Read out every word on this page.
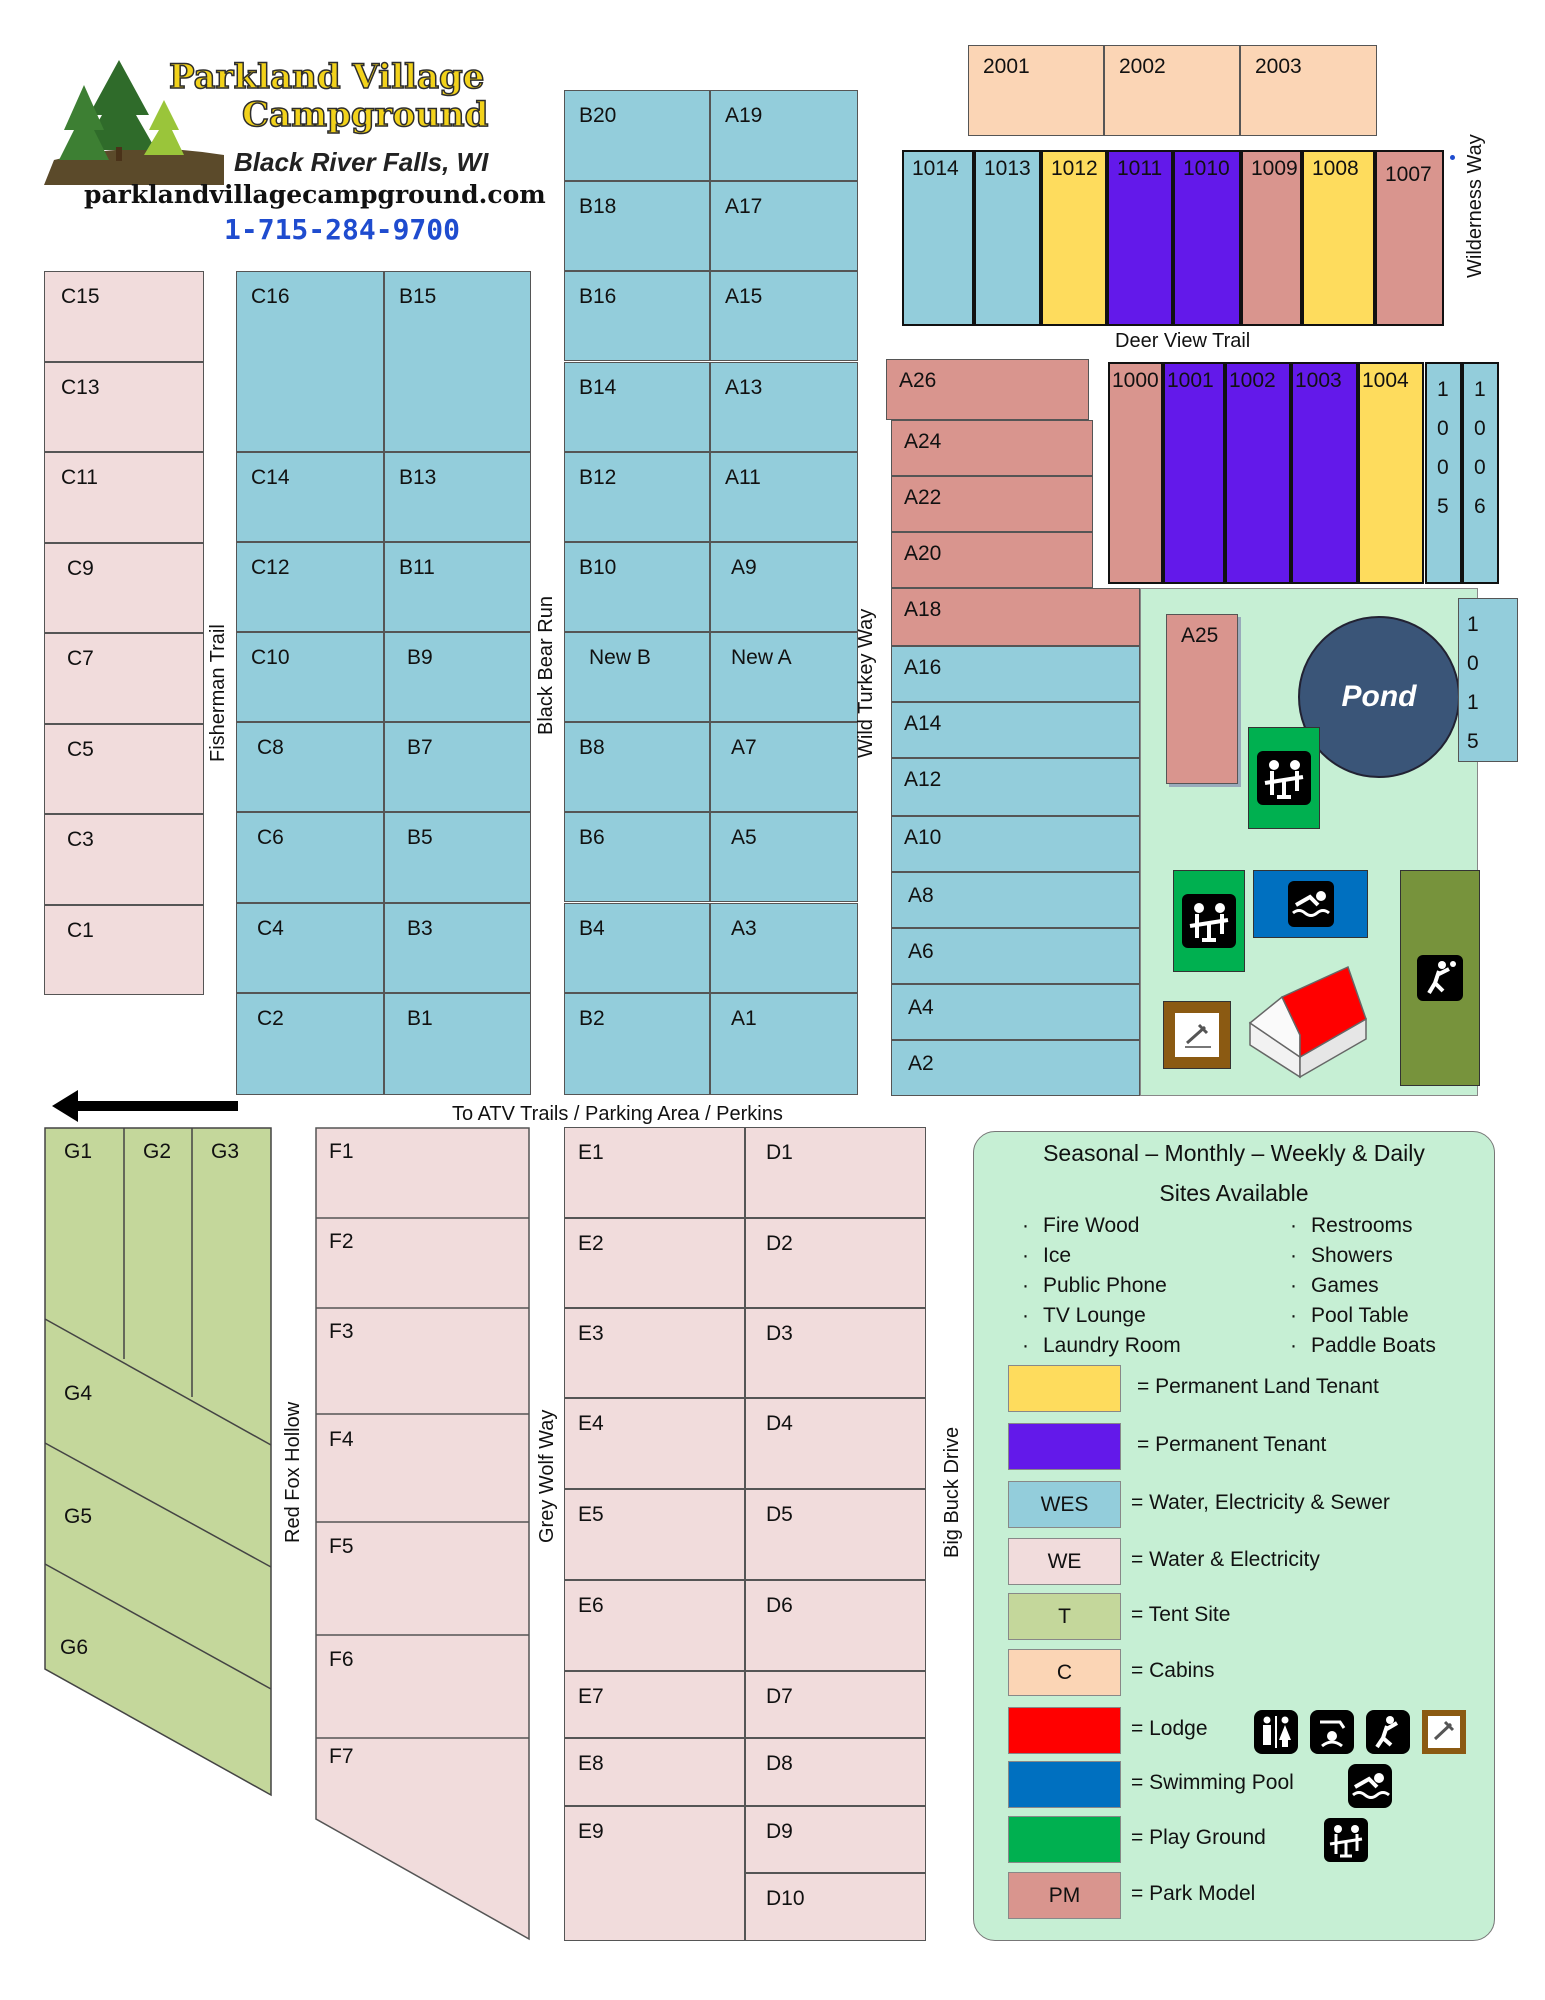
Parkland Village
Campground
Black River Falls, WI
parklandvillagecampground.com
1-715-284-9700
2001	2002	2003
1014	1013 1012 1011 1010	1009 1008	1007	Wilderness Way
Deer View Trail
1000 1001 1002 1003 1004	1
0
0
5
1
0
0
6
C15
C13
C11
C9
C7
C5
C3
C1
C16
C14
C12
C10
C8
C6
C4
C2
B15
B13
B11
B9
B7
B5
B3
B1
B20
B18
B16
B14
B12
B10
New B
B8
B6
B4
B2
A19
A17
A15
A13
A11
A9
New A
A7
A5
A3
A1
A26
A24
A22
A20
A18
A16
A14
A12
A10
A8
A6
A4
A2
Fisherman Trail	Black Bear Run	Wild Turkey Way	A25
Pond
1
0
1
5
To ATV Trails / Parking Area / Perkins
G1 G2 G3
G4
G5
G6
F1
F2
F3
F4
F5
F6
F7
Red Fox Hollow	Grey Wolf Way	Big Buck Drive
E1
E2
E3
E4
E5
E6
E7
E8
E9
D1
D2
D3
D4
D5
D6
D7
D8
D9
D10
Seasonal – Monthly – Weekly & Daily
Sites Available
· Fire Wood
· Ice
· Public Phone
· TV Lounge
· Laundry Room
· Restrooms
· Showers
· Games
· Pool Table
· Paddle Boats
= Permanent Land Tenant
= Permanent Tenant
WES	= Water, Electricity & Sewer
WE	= Water & Electricity
T	= Tent Site
C	= Cabins
= Lodge
= Swimming Pool
= Play Ground
PM	= Park Model
